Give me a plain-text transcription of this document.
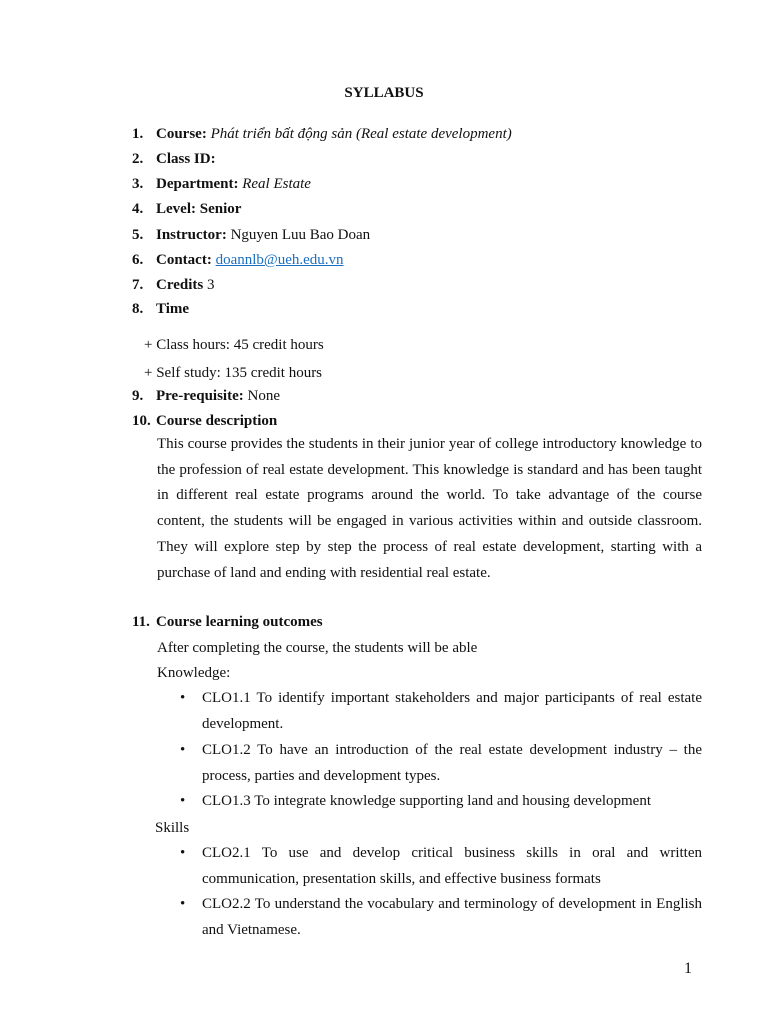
SYLLABUS
1. Course: Phát triển bất động sản (Real estate development)
2. Class ID:
3. Department: Real Estate
4. Level: Senior
5. Instructor: Nguyen Luu Bao Doan
6. Contact: doannlb@ueh.edu.vn
7. Credits 3
8. Time
+ Class hours: 45 credit hours
+ Self study: 135 credit hours
9. Pre-requisite: None
10. Course description
This course provides the students in their junior year of college introductory knowledge to the profession of real estate development. This knowledge is standard and has been taught in different real estate programs around the world. To take advantage of the course content, the students will be engaged in various activities within and outside classroom. They will explore step by step the process of real estate development, starting with a purchase of land and ending with residential real estate.
11. Course learning outcomes
After completing the course, the students will be able
Knowledge:
• CLO1.1 To identify important stakeholders and major participants of real estate development.
• CLO1.2 To have an introduction of the real estate development industry – the process, parties and development types.
• CLO1.3 To integrate knowledge supporting land and housing development
Skills
• CLO2.1 To use and develop critical business skills in oral and written communication, presentation skills, and effective business formats
• CLO2.2 To understand the vocabulary and terminology of development in English and Vietnamese.
1
